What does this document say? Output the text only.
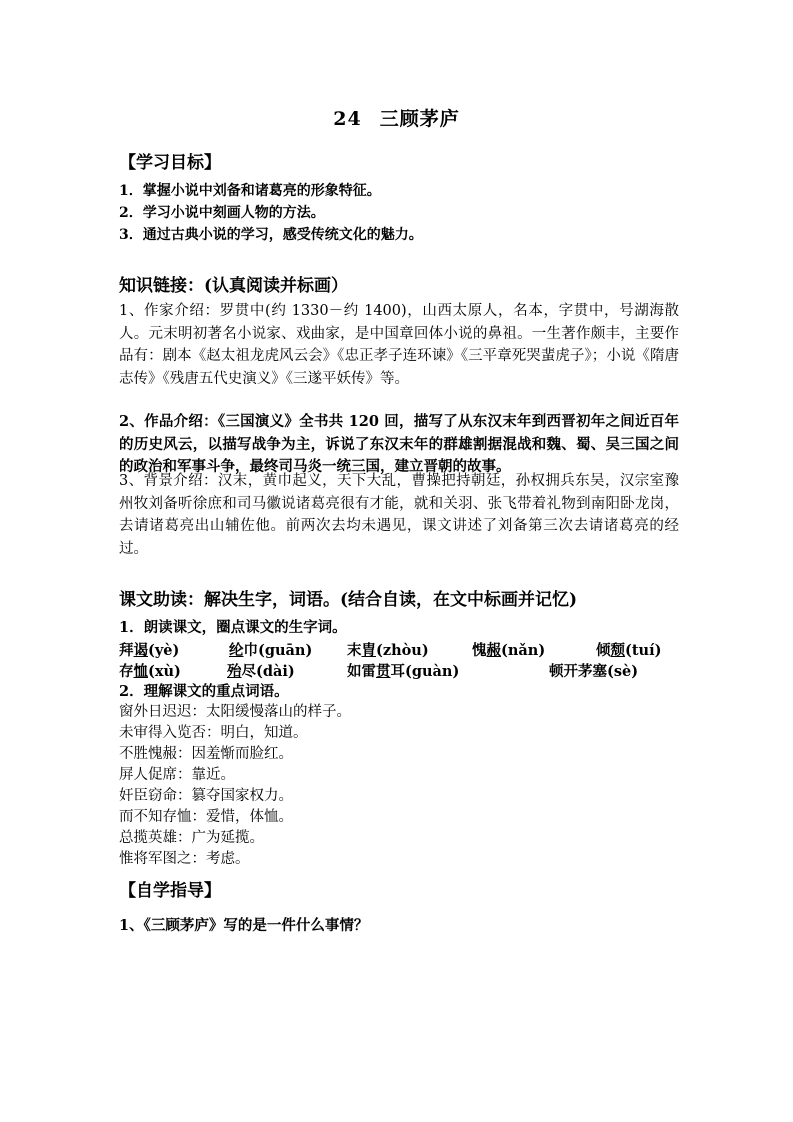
24 三顾茅庐
【学习目标】
1．掌握小说中刘备和诸葛亮的形象特征。
2．学习小说中刻画人物的方法。
3．通过古典小说的学习，感受传统文化的魅力。
知识链接：(认真阅读并标画）

1、作家介绍：罗贯中(约 1330－约 1400)，山西太原人，名本，字贯中，号湖海散人。元末明初著名小说家、戏曲家，是中国章回体小说的鼻祖。一生著作颇丰，主要作品有：剧本《赵太祖龙虎风云会》《忠正孝子连环谏》《三平章死哭蜚虎子》；小说《隋唐志传》《残唐五代史演义》《三遂平妖传》等。

2、作品介绍：《三国演义》全书共 120 回，描写了从东汉末年到西晋初年之间近百年的历史风云，以描写战争为主，诉说了东汉末年的群雄割据混战和魏、蜀、吴三国之间的政治和军事斗争，最终司马炎一统三国，建立晋朝的故事。

3、背景介绍：汉末，黄巾起义，天下大乱，曹操把持朝廷，孙权拥兵东吴，汉宗室豫州牧刘备听徐庶和司马徽说诸葛亮很有才能，就和关羽、张飞带着礼物到南阳卧龙岗，去请诸葛亮出山辅佐他。前两次去均未遇见，课文讲述了刘备第三次去请诸葛亮的经过。

课文助读：解决生字，词语。(结合自读，在文中标画并记忆)
1．朗读课文，圈点课文的生字词。
拜谒(yè)	纶巾(guān) 末胄(zhòu)	愧赧(nǎn)	倾颓(tuí)
存恤(xù)	殆尽(dài)	如雷贯耳(guàn)	顿开茅塞(sè)
2．理解课文的重点词语。
窗外日迟迟：太阳缓慢落山的样子。
未审得入览否：明白，知道。
不胜愧赧：因羞惭而脸红。
屏人促席：靠近。
奸臣窃命：篡夺国家权力。
而不知存恤：爱惜，体恤。
总揽英雄：广为延揽。
惟将军图之：考虑。
【自学指导】
1、《三顾茅庐》写的是一件什么事情？
